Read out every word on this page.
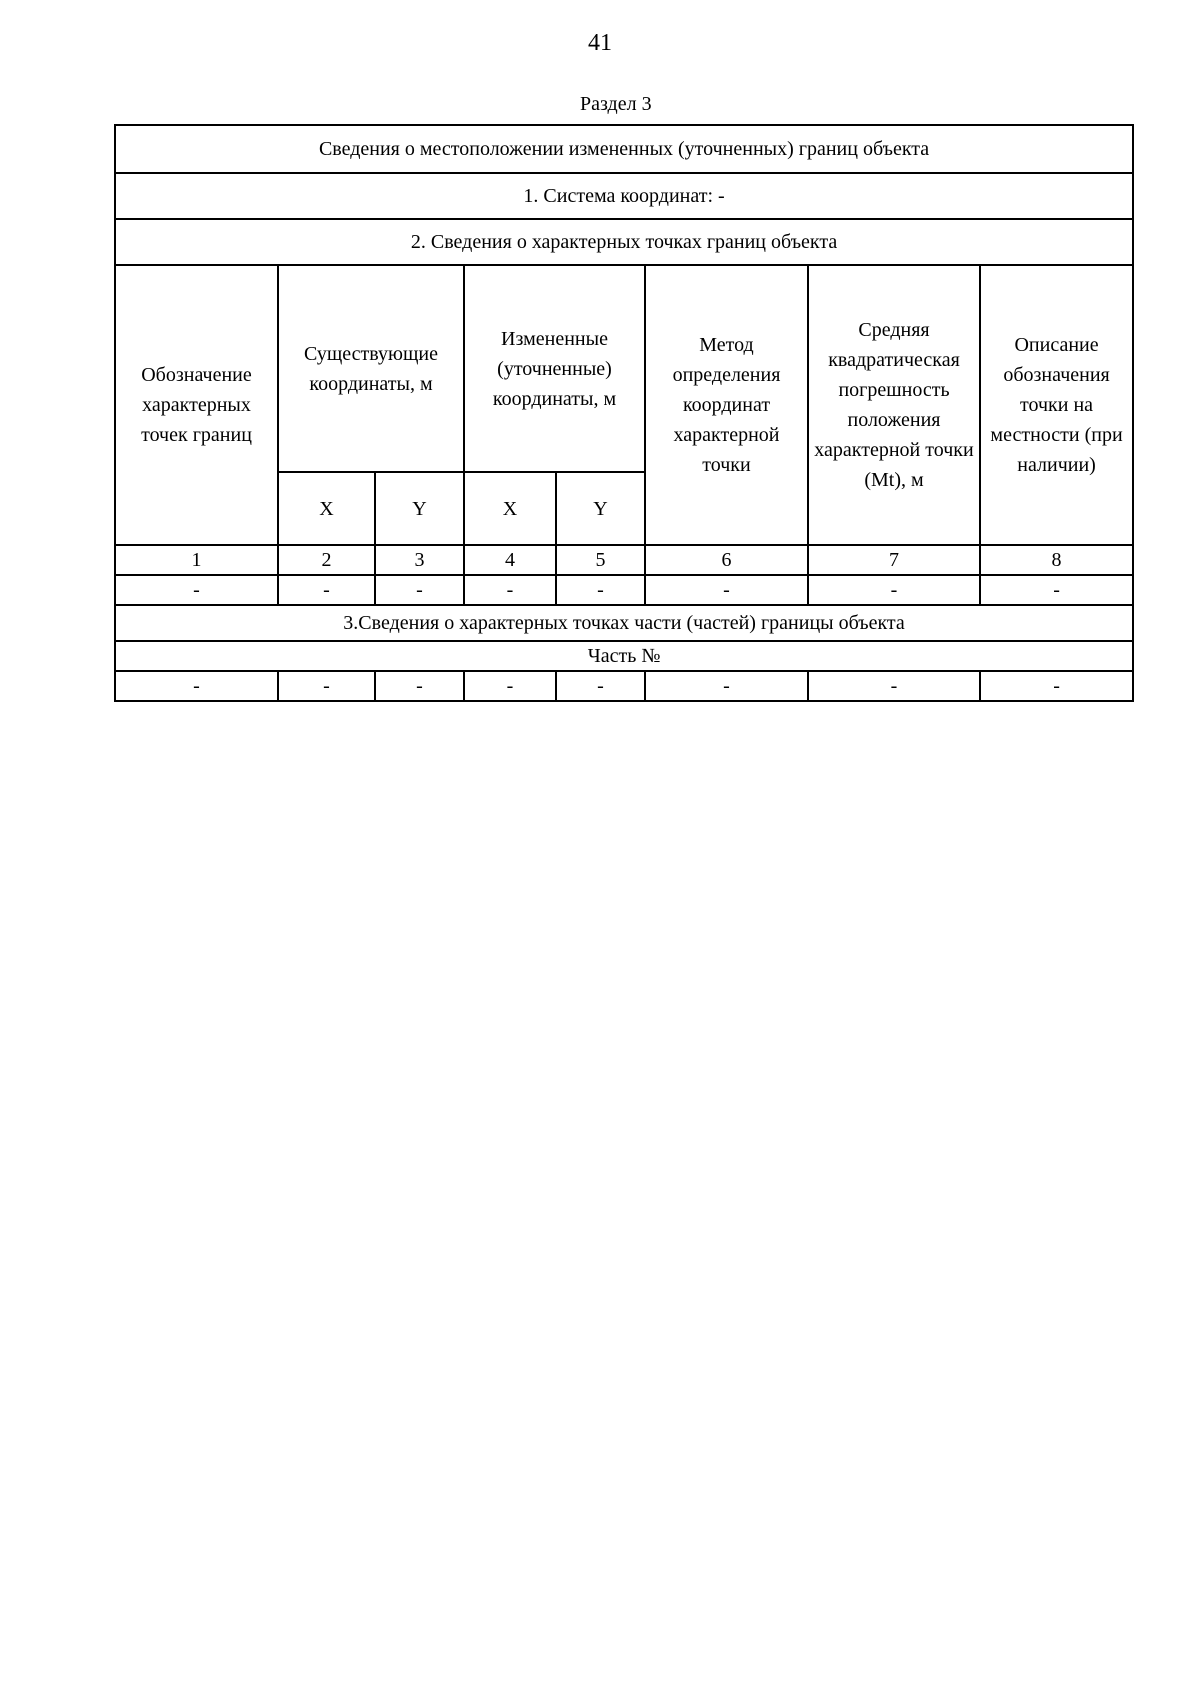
41
Раздел 3
Сведения о местоположении измененных (уточненных) границ объекта							
1. Система координат: -							
2. Сведения о характерных точках границ объекта							
Обозначение характерных точек границ	Существующие координаты, м		Измененные (уточненные) координаты, м		Метод определения координат характерной точки	Средняя квадратическая погрешность положения характерной точки (Mt), м	Описание обозначения точки на местности (при наличии)
	X	Y	X	Y			
1	2	3	4	5	6	7	8
-	-	-	-	-	-	-	-
3.Сведения о характерных точках части (частей) границы объекта							
Часть №							
-	-	-	-	-	-	-	-
